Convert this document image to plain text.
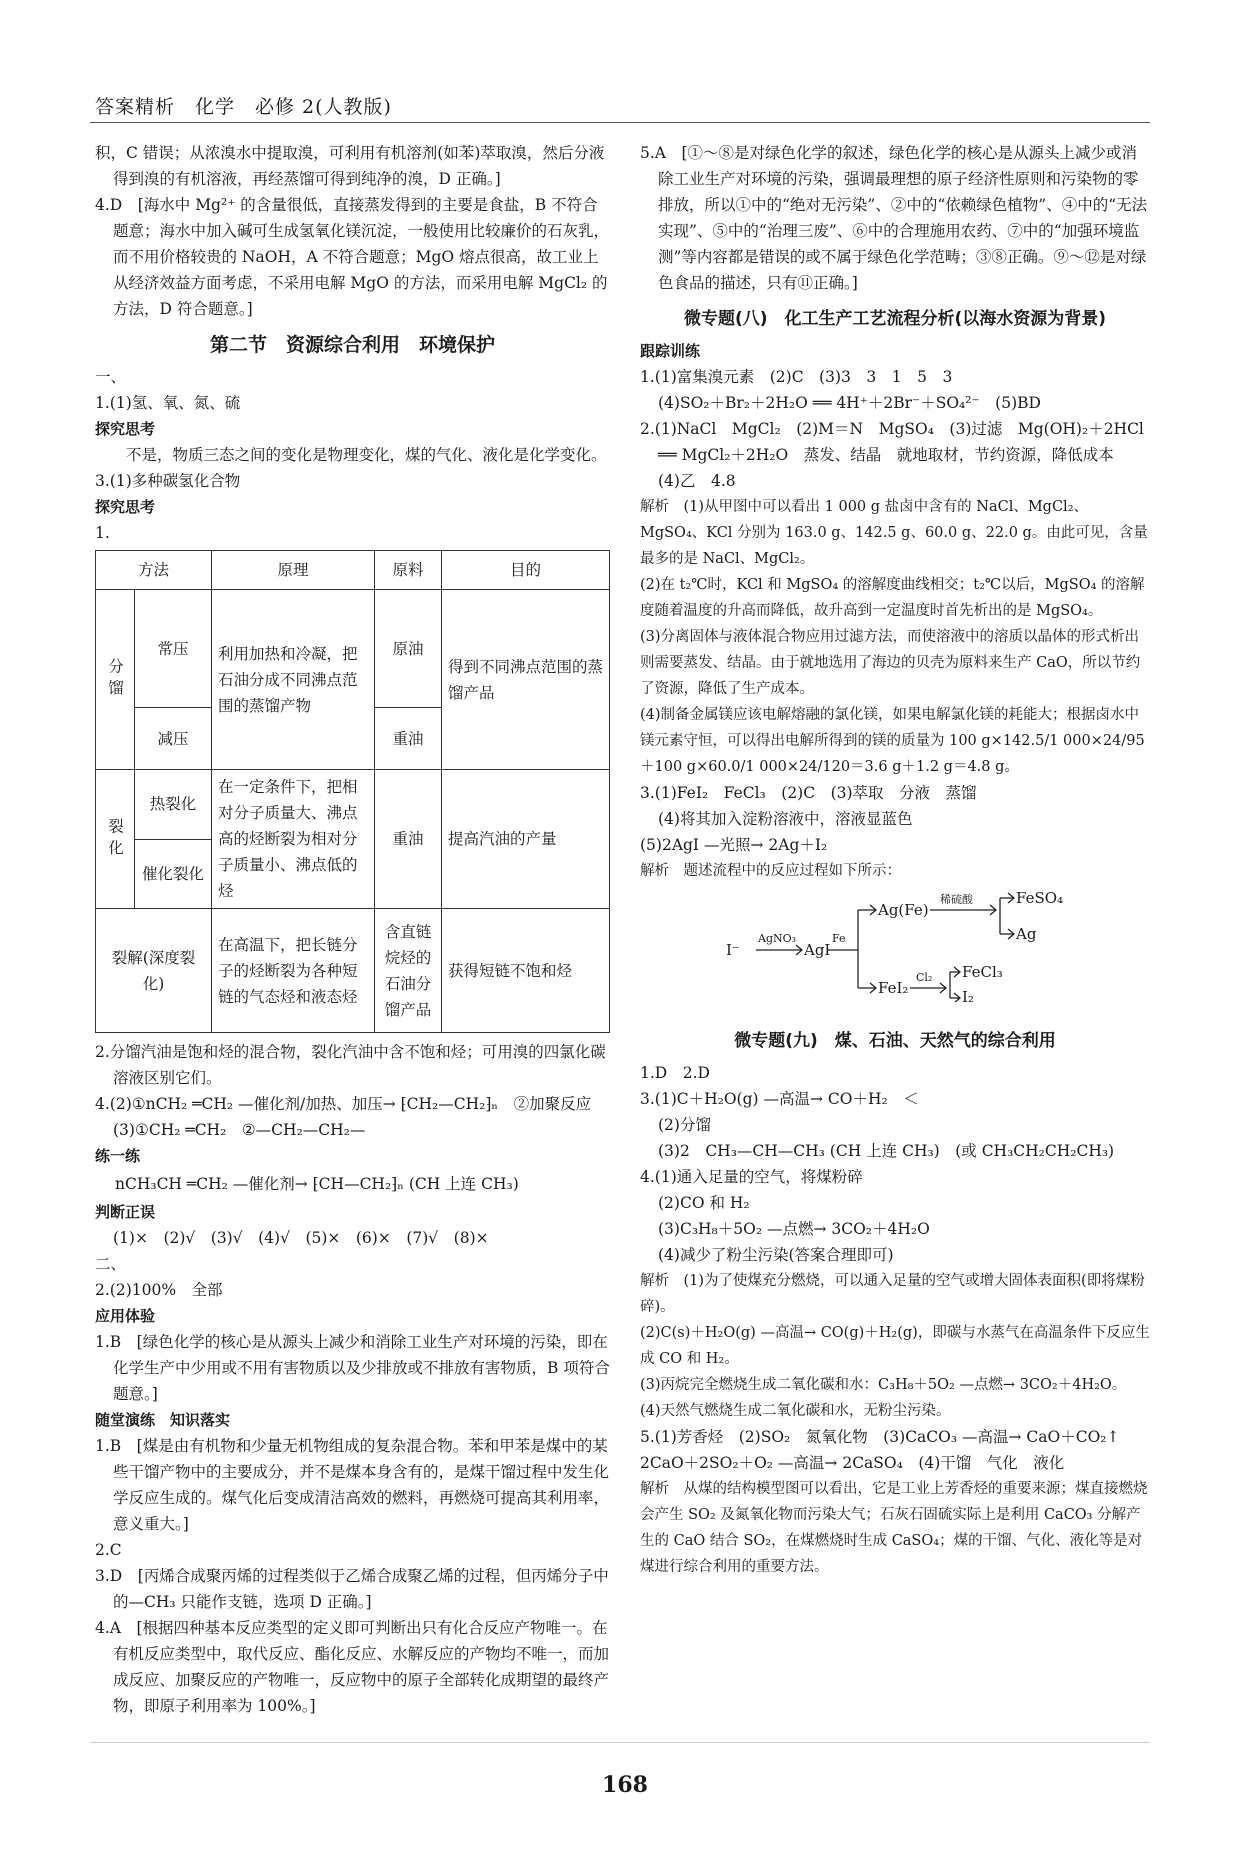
答案精析　化学　必修 2(人教版)

积，C 错误；从浓溴水中提取溴，可利用有机溶剂(如苯)萃取溴，然后分液得到溴的有机溶液，再经蒸馏可得到纯净的溴，D 正确。]

4.D　[海水中 Mg²⁺ 的含量很低，直接蒸发得到的主要是食盐，B 不符合题意；海水中加入碱可生成氢氧化镁沉淀，一般使用比较廉价的石灰乳，而不用价格较贵的 NaOH，A 不符合题意；MgO 熔点很高，故工业上从经济效益方面考虑，不采用电解 MgO 的方法，而采用电解 MgCl₂ 的方法，D 符合题意。]

第二节　资源综合利用　环境保护

一、

1.(1)氢、氧、氮、硫

探究思考

不是，物质三态之间的变化是物理变化，煤的气化、液化是化学变化。

3.(1)多种碳氢化合物

探究思考

1.

方法		原理	原料	目的
分馏	常压	利用加热和冷凝，把石油分成不同沸点范围的蒸馏产物	原油	得到不同沸点范围的蒸馏产品
	减压		重油	
裂化	热裂化	在一定条件下，把相对分子质量大、沸点高的烃断裂为相对分子质量小、沸点低的烃	重油	提高汽油的产量
	催化裂化			
裂解(深度裂化)		在高温下，把长链分子的烃断裂为各种短链的气态烃和液态烃	含直链烷烃的石油分馏产品	获得短链不饱和烃

2.分馏汽油是饱和烃的混合物，裂化汽油中含不饱和烃；可用溴的四氯化碳溶液区别它们。

4.(2)①nCH₂ ═CH₂ —催化剂/加热、加压→ ⁅CH₂—CH₂⁆ₙ　②加聚反应

(3)①CH₂ ═CH₂　②—CH₂—CH₂—

练一练

nCH₃CH ═CH₂ —催化剂→ ⁅CH—CH₂⁆ₙ (CH 上连 CH₃)

判断正误

(1)×　(2)√　(3)√　(4)√　(5)×　(6)×　(7)√　(8)×

二、

2.(2)100%　全部

应用体验

1.B　[绿色化学的核心是从源头上减少和消除工业生产对环境的污染，即在化学生产中少用或不用有害物质以及少排放或不排放有害物质，B 项符合题意。]

随堂演练　知识落实

1.B　[煤是由有机物和少量无机物组成的复杂混合物。苯和甲苯是煤中的某些干馏产物中的主要成分，并不是煤本身含有的，是煤干馏过程中发生化学反应生成的。煤气化后变成清洁高效的燃料，再燃烧可提高其利用率，意义重大。]

2.C

3.D　[丙烯合成聚丙烯的过程类似于乙烯合成聚乙烯的过程，但丙烯分子中的—CH₃ 只能作支链，选项 D 正确。]

4.A　[根据四种基本反应类型的定义即可判断出只有化合反应产物唯一。在有机反应类型中，取代反应、酯化反应、水解反应的产物均不唯一，而加成反应、加聚反应的产物唯一，反应物中的原子全部转化成期望的最终产物，即原子利用率为 100%。]

5.A　[①～⑧是对绿色化学的叙述，绿色化学的核心是从源头上减少或消除工业生产对环境的污染，强调最理想的原子经济性原则和污染物的零排放，所以①中的“绝对无污染”、②中的“依赖绿色植物”、④中的“无法实现”、⑤中的“治理三废”、⑥中的合理施用农药、⑦中的“加强环境监测”等内容都是错误的或不属于绿色化学范畴；③⑧正确。⑨～⑫是对绿色食品的描述，只有⑪正确。]

微专题(八)　化工生产工艺流程分析(以海水资源为背景)

跟踪训练

1.(1)富集溴元素　(2)C　(3)3　3　1　5　3

(4)SO₂＋Br₂＋2H₂O ══ 4H⁺＋2Br⁻＋SO₄²⁻　(5)BD

2.(1)NaCl　MgCl₂　(2)M＝N　MgSO₄　(3)过滤　Mg(OH)₂＋2HCl ══ MgCl₂＋2H₂O　蒸发、结晶　就地取材，节约资源，降低成本　(4)乙　4.8

解析　(1)从甲图中可以看出 1 000 g 盐卤中含有的 NaCl、MgCl₂、MgSO₄、KCl 分别为 163.0 g、142.5 g、60.0 g、22.0 g。由此可见，含量最多的是 NaCl、MgCl₂。

(2)在 t₂℃时，KCl 和 MgSO₄ 的溶解度曲线相交；t₂℃以后，MgSO₄ 的溶解度随着温度的升高而降低，故升高到一定温度时首先析出的是 MgSO₄。

(3)分离固体与液体混合物应用过滤方法，而使溶液中的溶质以晶体的形式析出则需要蒸发、结晶。由于就地选用了海边的贝壳为原料来生产 CaO，所以节约了资源，降低了生产成本。

(4)制备金属镁应该电解熔融的氯化镁，如果电解氯化镁的耗能大；根据卤水中镁元素守恒，可以得出电解所得到的镁的质量为 100 g×142.5/1 000×24/95＋100 g×60.0/1 000×24/120＝3.6 g＋1.2 g＝4.8 g。

3.(1)FeI₂　FeCl₃　(2)C　(3)萃取　分液　蒸馏

(4)将其加入淀粉溶液中，溶液显蓝色

(5)2AgI —光照→ 2Ag＋I₂

解析　题述流程中的反应过程如下所示：

I⁻
AgNO₃
AgI
Fe
Ag(Fe)
稀硫酸	FeSO₄
Ag
FeI₂
Cl₂ FeCl₃
I₂
微专题(九)　煤、石油、天然气的综合利用

1.D　2.D

3.(1)C＋H₂O(g) —高温→ CO＋H₂　＜

(2)分馏

(3)2　CH₃—CH—CH₃ (CH 上连 CH₃)　(或 CH₃CH₂CH₂CH₃)

4.(1)通入足量的空气，将煤粉碎

(2)CO 和 H₂

(3)C₃H₈＋5O₂ —点燃→ 3CO₂＋4H₂O

(4)减少了粉尘污染(答案合理即可)

解析　(1)为了使煤充分燃烧，可以通入足量的空气或增大固体表面积(即将煤粉碎)。

(2)C(s)＋H₂O(g) —高温→ CO(g)＋H₂(g)，即碳与水蒸气在高温条件下反应生成 CO 和 H₂。

(3)丙烷完全燃烧生成二氧化碳和水：C₃H₈＋5O₂ —点燃→ 3CO₂＋4H₂O。

(4)天然气燃烧生成二氧化碳和水，无粉尘污染。

5.(1)芳香烃　(2)SO₂　氮氧化物　(3)CaCO₃ —高温→ CaO＋CO₂↑

2CaO＋2SO₂＋O₂ —高温→ 2CaSO₄　(4)干馏　气化　液化

解析　从煤的结构模型图可以看出，它是工业上芳香烃的重要来源；煤直接燃烧会产生 SO₂ 及氮氧化物而污染大气；石灰石固硫实际上是利用 CaCO₃ 分解产生的 CaO 结合 SO₂，在煤燃烧时生成 CaSO₄；煤的干馏、气化、液化等是对煤进行综合利用的重要方法。

168
